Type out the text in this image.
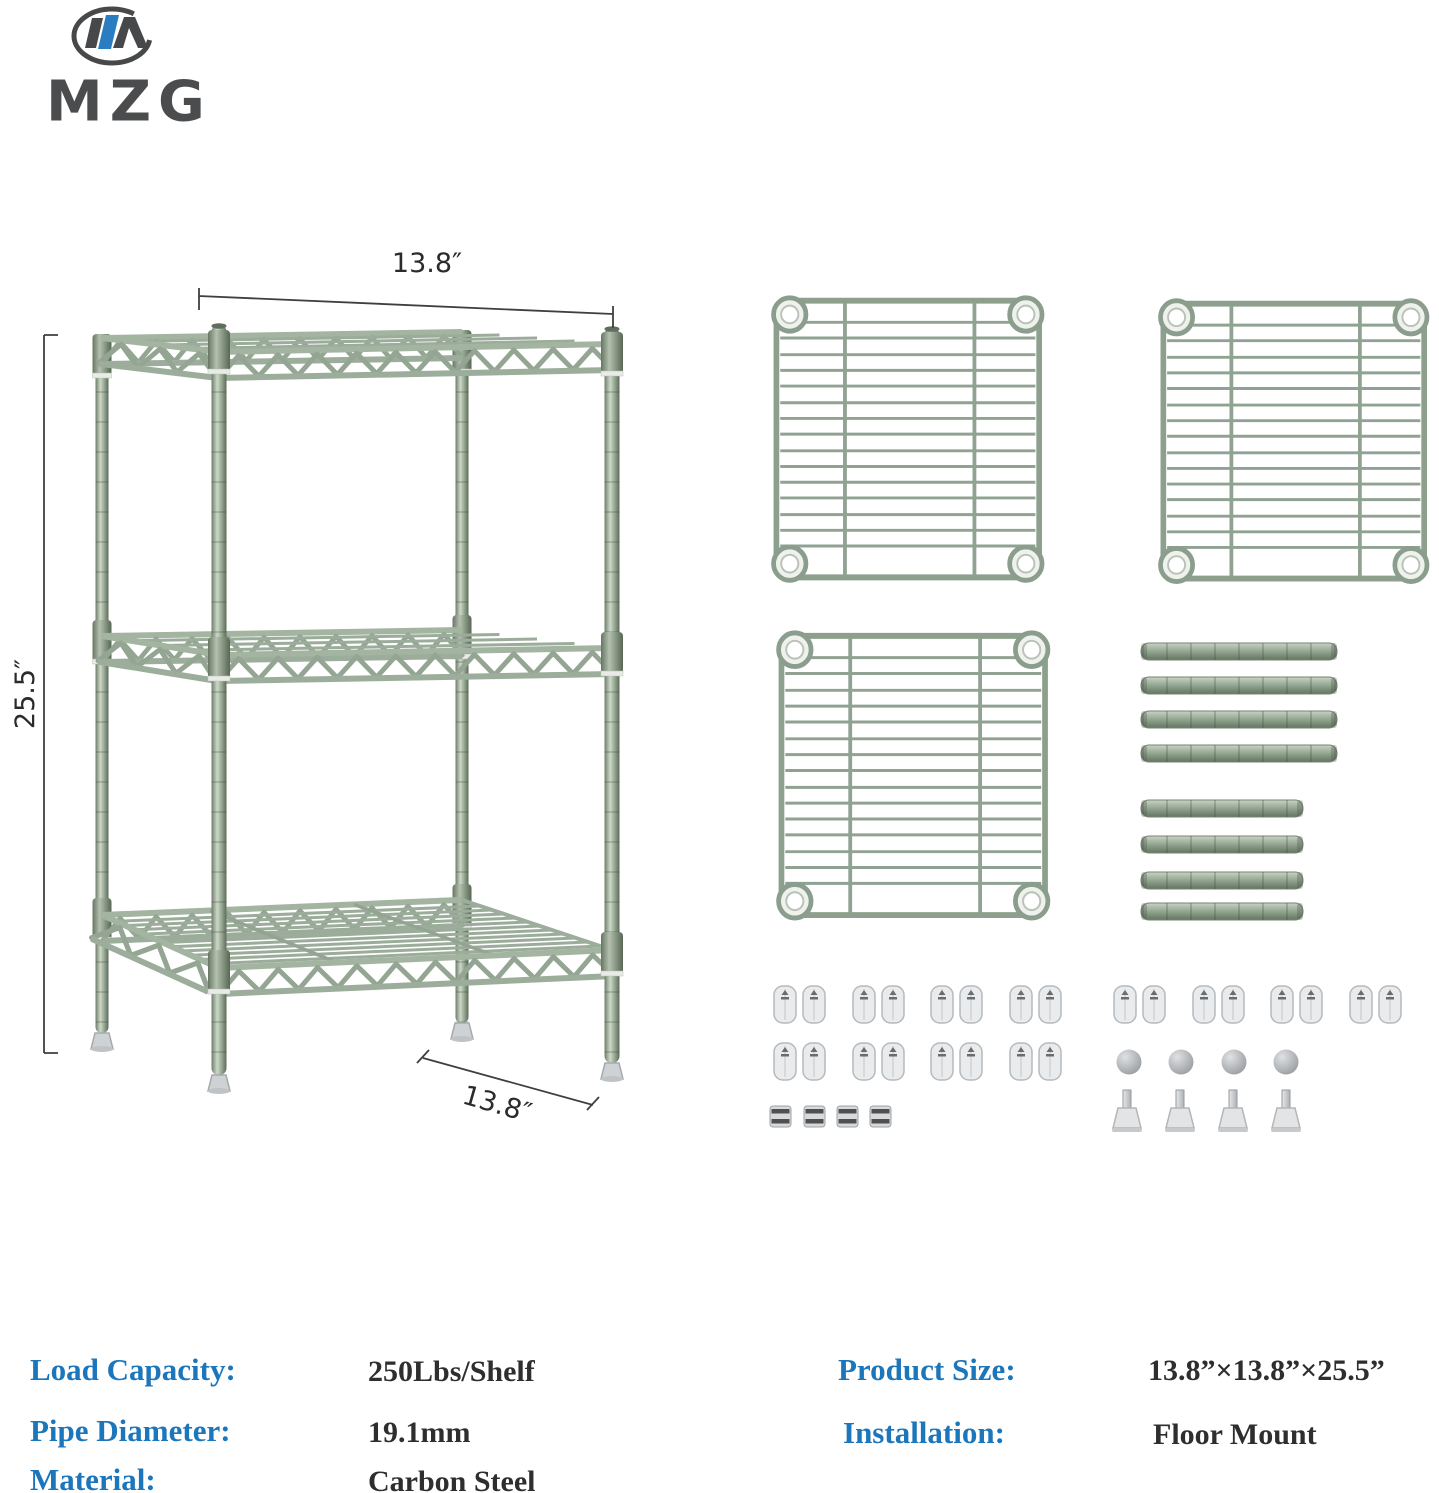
MZG
13.8″
25.5″
13.8″
Load Capacity:	250Lbs/Shelf
Pipe Diameter:	19.1mm
Material:	Carbon Steel
Product Size:	13.8”×13.8”×25.5”
Installation:	Floor Mount
